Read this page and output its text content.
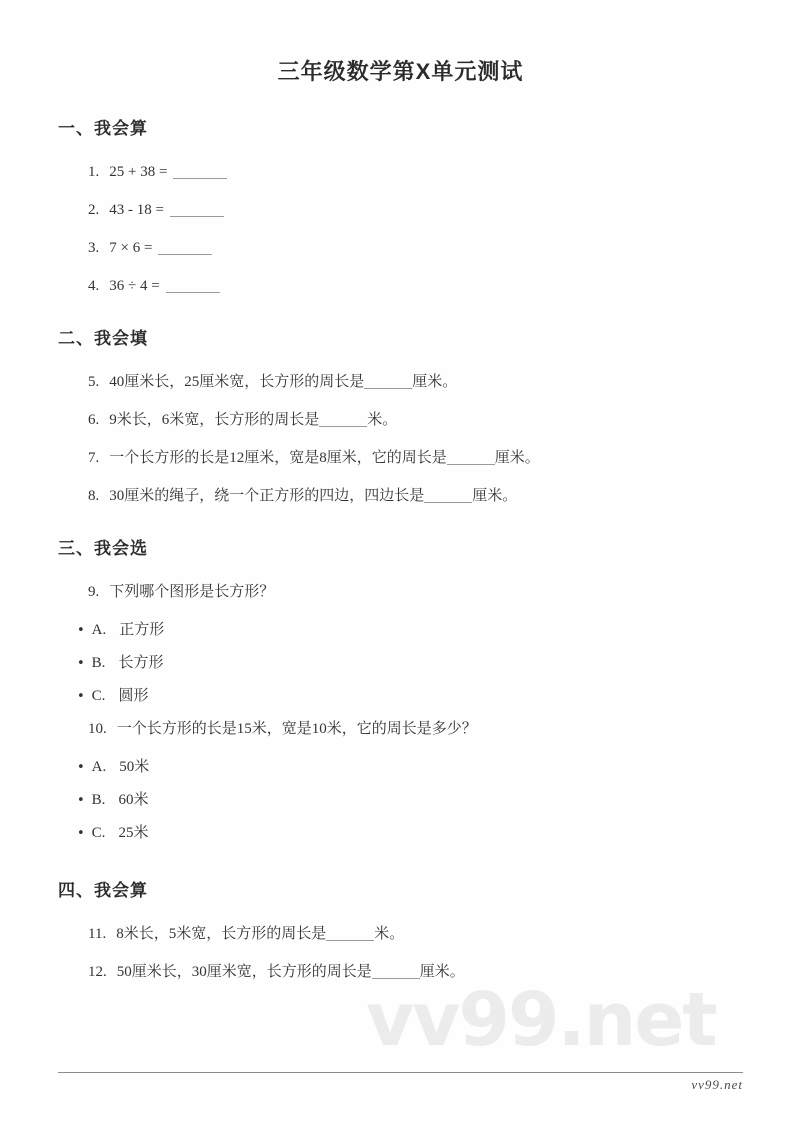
三年级数学第X单元测试
一、我会算
1. 25 + 38 =
2. 43 - 18 =
3. 7 × 6 =
4. 36 ÷ 4 =
二、我会填
5. 40厘米长，25厘米宽，长方形的周长是	厘米。
6. 9米长，6米宽，长方形的周长是	米。
7. 一个长方形的长是12厘米，宽是8厘米，它的周长是	厘米。
8. 30厘米的绳子，绕一个正方形的四边，四边长是	厘米。
三、我会选
9. 下列哪个图形是长方形？
• A. 正方形
• B. 长方形
• C. 圆形
10. 一个长方形的长是15米，宽是10米，它的周长是多少？
• A. 50米
• B. 60米
• C. 25米
四、我会算
11. 8米长，5米宽，长方形的周长是	米。
12. 50厘米长，30厘米宽，长方形的周长是	厘米。
vv99.net
vv99.net
